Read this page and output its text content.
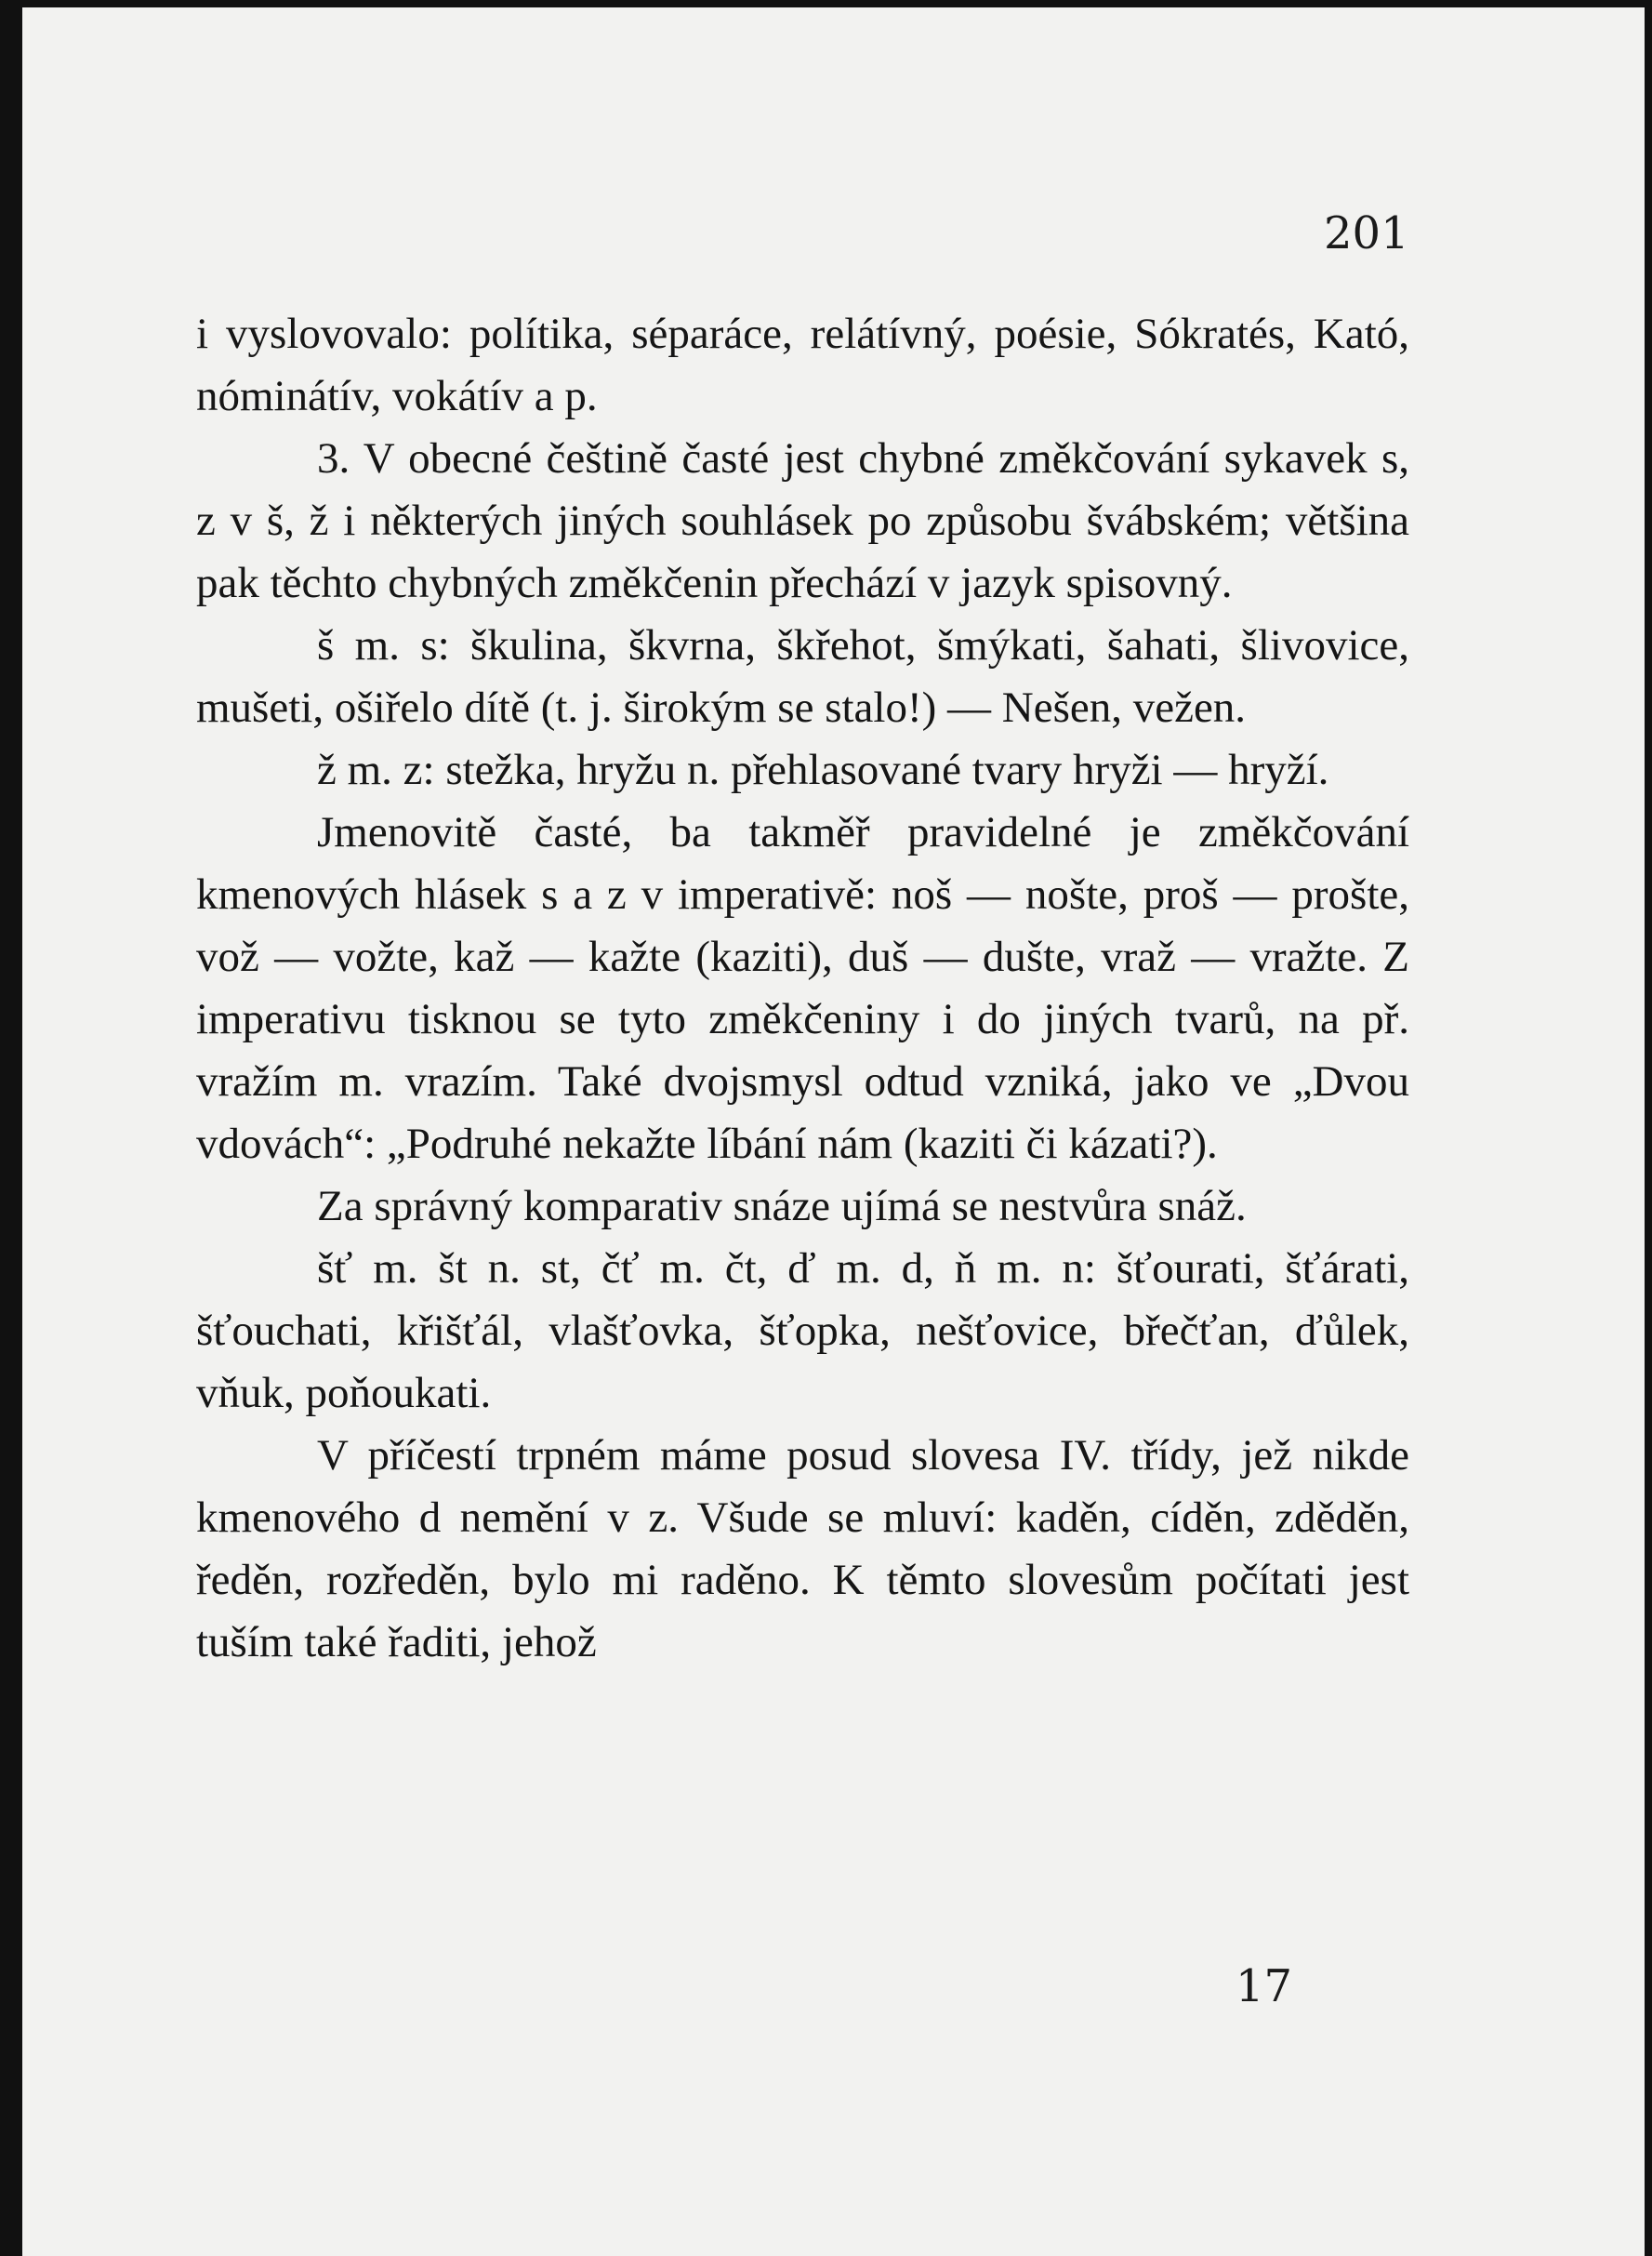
201

i vyslovovalo: polítika, séparáce, relátívný, poésie, Sókratés, Kató, nóminátív, vokátív a p.

3. V obecné češtině časté jest chybné změkčování sykavek s, z v š, ž i některých jiných souhlásek po způsobu švábském; většina pak těchto chybných změkčenin přechází v jazyk spisovný.

š m. s: škulina, škvrna, škřehot, šmýkati, šahati, šlivovice, mušeti, ošiřelo dítě (t. j. širokým se stalo!) — Nešen, vežen.

ž m. z: stežka, hryžu n. přehlasované tvary hryži — hryží.

Jmenovitě časté, ba takměř pravidelné je změkčování kmenových hlásek s a z v imperativě: noš — nošte, proš — prošte, vož — vožte, kaž — kažte (kaziti), duš — dušte, vraž — vražte. Z imperativu tisknou se tyto změkčeniny i do jiných tvarů, na př. vražím m. vrazím. Také dvojsmysl odtud vzniká, jako ve „Dvou vdovách“: „Podruhé nekažte líbání nám (kaziti či kázati?).

Za správný komparativ snáze ujímá se nestvůra snáž.

šť m. št n. st, čť m. čt, ď m. d, ň m. n: šťourati, šťárati, šťouchati, křišťál, vlašťovka, šťopka, nešťovice, břečťan, ďůlek, vňuk, poňoukati.

V příčestí trpném máme posud slovesa IV. třídy, jež nikde kmenového d nemění v z. Všude se mluví: kaděn, cíděn, zděděn, ředěn, rozředěn, bylo mi raděno. K těmto slovesům počítati jest tuším také řaditi, jehož

17
